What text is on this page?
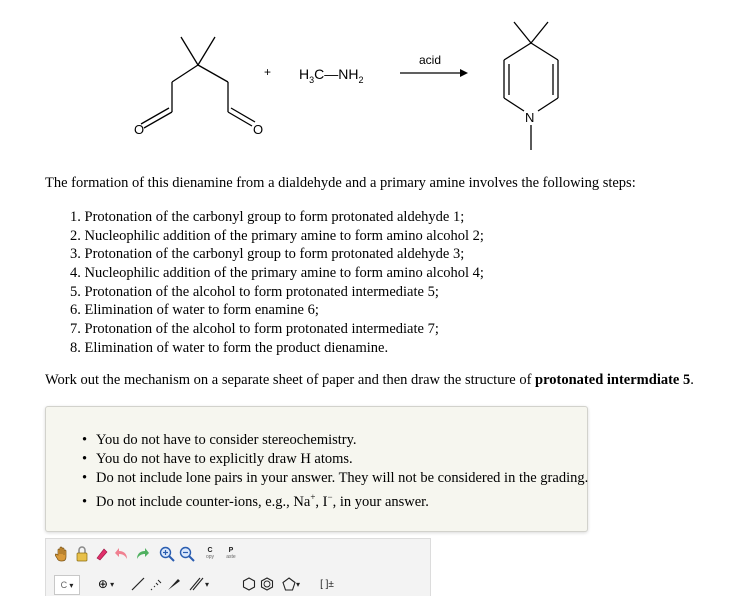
O	O
+ $H_3C—NH_2$
acid
N
The formation of this dienamine from a dialdehyde and a primary amine involves the following steps:
1. Protonation of the carbonyl group to form protonated aldehyde 1;
2. Nucleophilic addition of the primary amine to form amino alcohol 2;
3. Protonation of the carbonyl group to form protonated aldehyde 3;
4. Nucleophilic addition of the primary amine to form amino alcohol 4;
5. Protonation of the alcohol to form protonated intermediate 5;
6. Elimination of water to form enamine 6;
7. Protonation of the alcohol to form protonated intermediate 7;
8. Elimination of water to form the product dienamine.
Work out the mechanism on a separate sheet of paper and then draw the structure of protonated intermdiate 5.
• You do not have to consider stereochemistry.
• You do not have to explicitly draw H atoms.
• Do not include lone pairs in your answer. They will not be considered in the grading.
• Do not include counter-ions, e.g., Na+, I−, in your answer.
C
opy
P
aste
C ▾ ⊕ ▾	▾	▾	[ ]±
